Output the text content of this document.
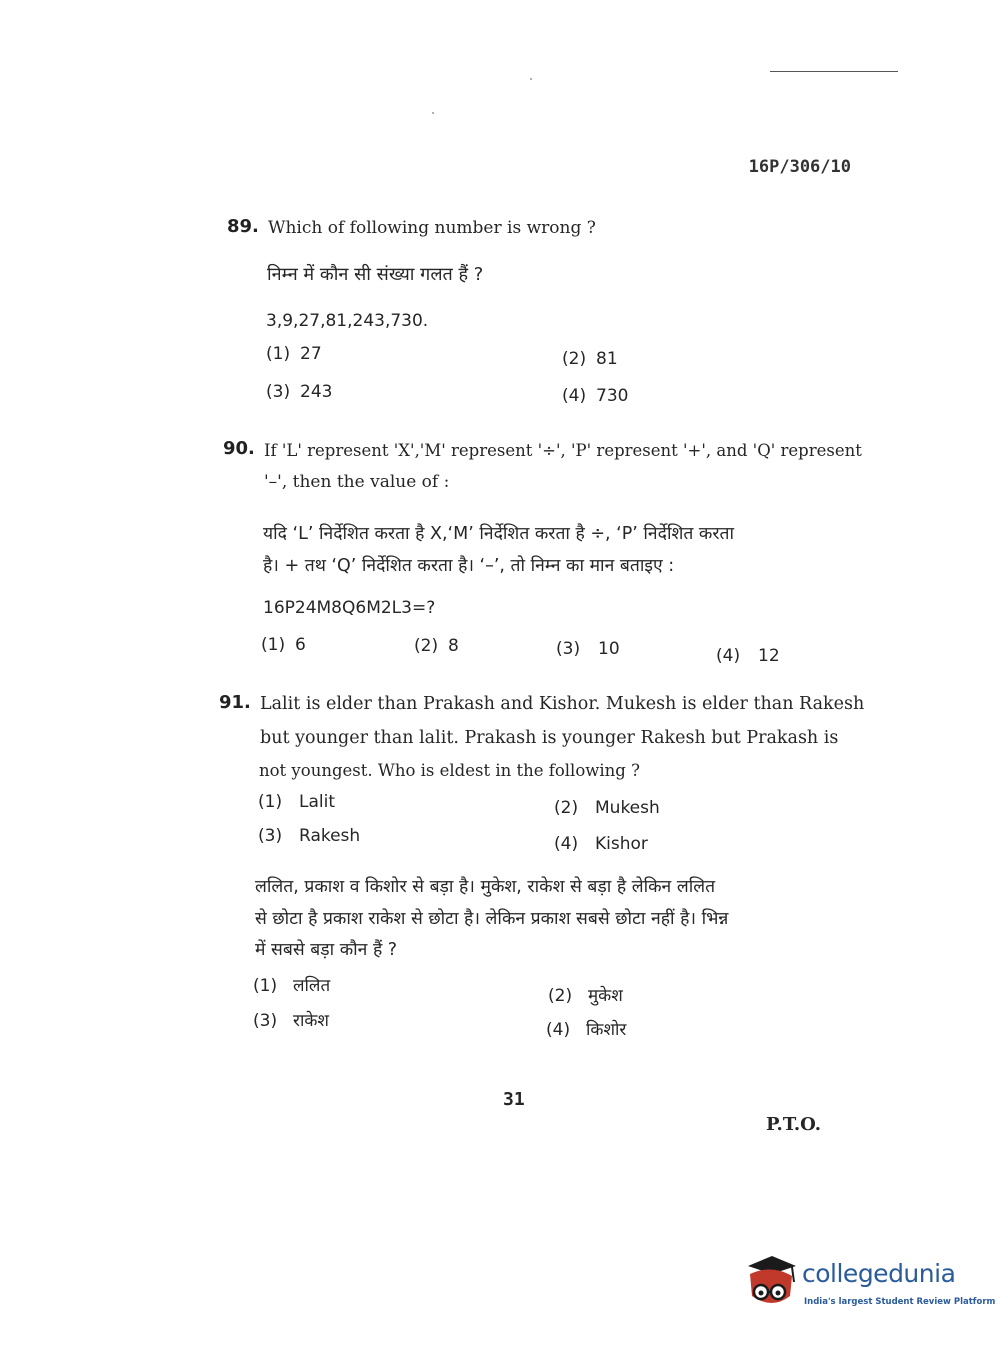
16P/306/10
89. Which of following number is wrong ?
निम्न में कौन सी संख्या गलत हैं ?
3,9,27,81,243,730.
(1) 27	(2) 81
(3) 243	(4) 730
90. If 'L' represent 'X','M' represent '÷', 'P' represent '+', and 'Q' represent
'–', then the value of :
यदि ‘L’ निर्देशित करता है X,‘M’ निर्देशित करता है ÷, ‘P’ निर्देशित करता
है। + तथ ‘Q’ निर्देशित करता है। ‘–’, तो निम्न का मान बताइए :
16P24M8Q6M2L3=?
(1) 6	(2) 8	(3) 10	(4) 12
91. Lalit is elder than Prakash and Kishor. Mukesh is elder than Rakesh
but younger than lalit. Prakash is younger Rakesh but Prakash is
not youngest. Who is eldest in the following ?
(1) Lalit	(2) Mukesh
(3) Rakesh	(4) Kishor
ललित, प्रकाश व किशोर से बड़ा है। मुकेश, राकेश से बड़ा है लेकिन ललित
से छोटा है प्रकाश राकेश से छोटा है। लेकिन प्रकाश सबसे छोटा नहीं है। भिन्न
में सबसे बड़ा कौन हैं ?
(1) ललित	(2) मुकेश
(3) राकेश	(4) किशोर
31
P.T.O.
collegedunia
India's largest Student Review Platform
